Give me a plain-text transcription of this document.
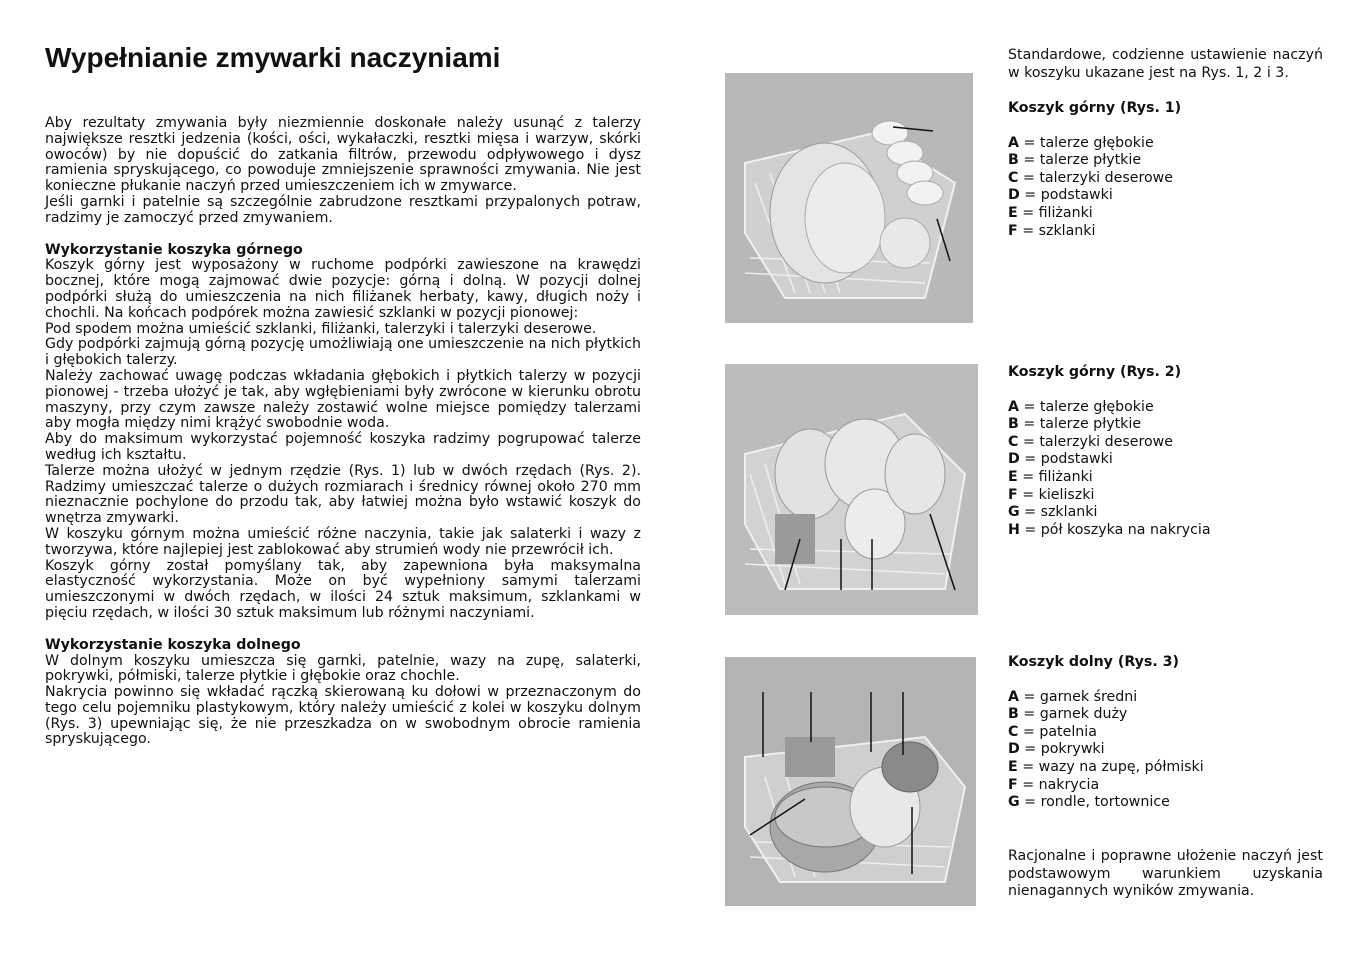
Wypełnianie zmywarki naczyniami

Aby rezultaty zmywania były niezmiennie doskonałe należy usunąć z talerzy największe resztki jedzenia (kości, ości, wykałaczki, resztki mięsa i warzyw, skórki owoców) by nie dopuścić do zatkania filtrów, przewodu odpływowego i dysz ramienia spryskującego, co powoduje zmniejszenie sprawności zmywania. Nie jest konieczne płukanie naczyń przed umieszczeniem ich w zmywarce.

Jeśli garnki i patelnie są szczególnie zabrudzone resztkami przypalonych potraw, radzimy je zamoczyć przed zmywaniem.

Wykorzystanie koszyka górnego

Koszyk górny jest wyposażony w ruchome podpórki zawieszone na krawędzi bocznej, które mogą zajmować dwie pozycje: górną i dolną. W pozycji dolnej podpórki służą do umieszczenia na nich filiżanek herbaty, kawy, długich noży i chochli. Na końcach podpórek można zawiesić szklanki w pozycji pionowej:

Pod spodem można umieścić szklanki, filiżanki, talerzyki i talerzyki deserowe.

Gdy podpórki zajmują górną pozycję umożliwiają one umieszczenie na nich płytkich i głębokich talerzy.

Należy zachować uwagę podczas wkładania głębokich i płytkich talerzy w pozycji pionowej - trzeba ułożyć je tak, aby wgłębieniami były zwrócone w kierunku obrotu maszyny, przy czym zawsze należy zostawić wolne miejsce pomiędzy talerzami aby mogła między nimi krążyć swobodnie woda.

Aby do maksimum wykorzystać pojemność koszyka radzimy pogrupować talerze według ich kształtu.

Talerze można ułożyć w jednym rzędzie (Rys. 1) lub w dwóch rzędach (Rys. 2). Radzimy umieszczać talerze o dużych rozmiarach i średnicy równej około 270 mm nieznacznie pochylone do przodu tak, aby łatwiej można było wstawić koszyk do wnętrza zmywarki.

W koszyku górnym można umieścić różne naczynia, takie jak salaterki i wazy z tworzywa, które najlepiej jest zablokować aby strumień wody nie przewrócił ich.

Koszyk górny został pomyślany tak, aby zapewniona była maksymalna elastyczność wykorzystania. Może on być wypełniony samymi talerzami umieszczonymi w dwóch rzędach, w ilości 24 sztuk maksimum, szklankami w pięciu rzędach, w ilości 30 sztuk maksimum lub różnymi naczyniami.

Wykorzystanie koszyka dolnego

W dolnym koszyku umieszcza się garnki, patelnie, wazy na zupę, salaterki, pokrywki, półmiski, talerze płytkie i głębokie oraz chochle.

Nakrycia powinno się wkładać rączką skierowaną ku dołowi w przeznaczonym do tego celu pojemniku plastykowym, który należy umieścić z kolei w koszyku dolnym (Rys. 3) upewniając się, że nie przeszkadza on w swobodnym obrocie ramienia spryskującego.

Standardowe, codzienne ustawienie naczyń w koszyku ukazane jest na Rys. 1, 2 i 3.

Koszyk górny (Rys. 1)

A = talerze głębokie

B = talerze płytkie

C = talerzyki deserowe

D = podstawki

E = filiżanki

F = szklanki

Koszyk górny (Rys. 2)

A = talerze głębokie

B = talerze płytkie

C = talerzyki deserowe

D = podstawki

E = filiżanki

F = kieliszki

G = szklanki

H = pół koszyka na nakrycia

Koszyk dolny (Rys. 3)

A = garnek średni

B = garnek duży

C = patelnia

D = pokrywki

E = wazy na zupę, półmiski

F = nakrycia

G = rondle, tortownice

Racjonalne i poprawne ułożenie naczyń jest podstawowym warunkiem uzyskania nienagannych wyników zmywania.
